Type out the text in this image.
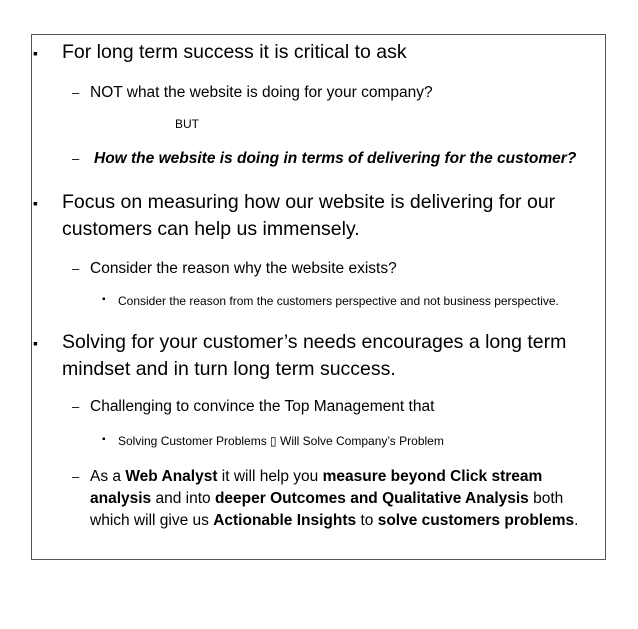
▪ For long term success it is critical to ask
– NOT what the website is doing for your company?
BUT
– How the website is doing in terms of delivering for the customer?
▪ Focus on measuring how our website is delivering for our
customers can help us immensely.
– Consider the reason why the website exists?
▪ Consider the reason from the customers perspective and not business perspective.
▪ Solving for your customer’s needs encourages a long term
mindset and in turn long term success.
– Challenging to convince the Top Management that
▪ Solving Customer Problems ▯ Will Solve Company’s Problem
– As a Web Analyst it will help you measure beyond Click stream
analysis and into deeper Outcomes and Qualitative Analysis both
which will give us Actionable Insights to solve customers problems.
